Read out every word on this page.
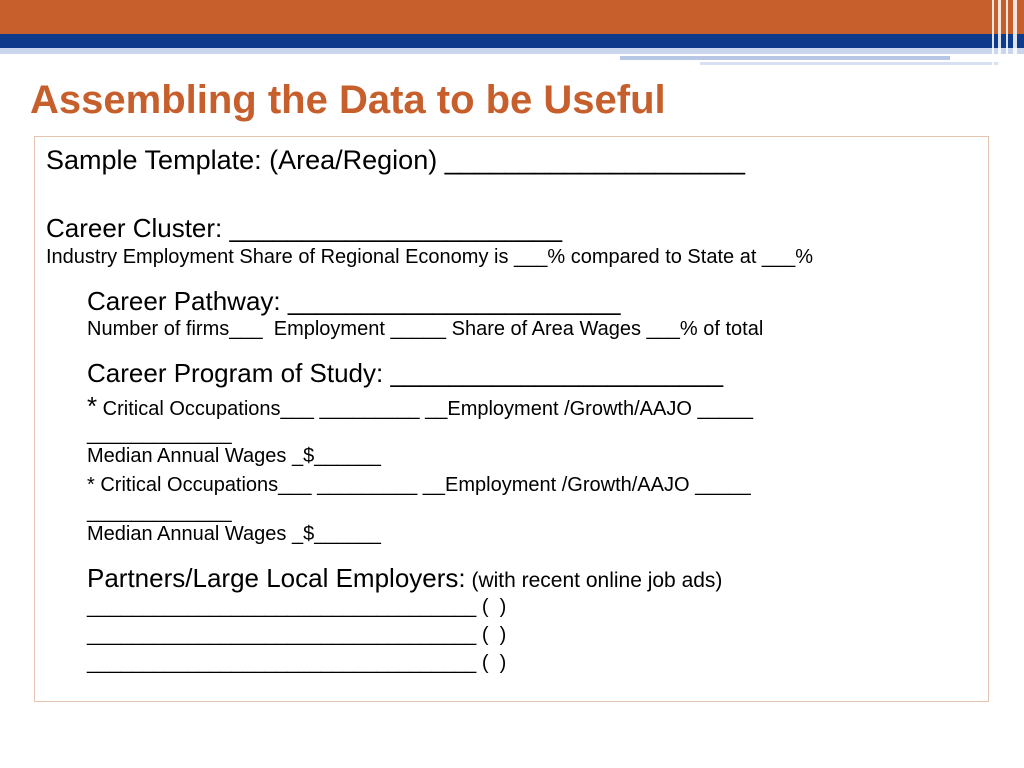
Assembling the Data to be Useful

Sample Template: (Area/Region) ____________________

Career Cluster: _______________________

Industry Employment Share of Regional Economy is ___% compared to State at ___%

Career Pathway: _______________________

Number of firms___  Employment _____ Share of Area Wages ___% of total

Career Program of Study: _______________________

* Critical Occupations___ _________ __Employment /Growth/AAJO _____

_____________

Median Annual Wages _$______

* Critical Occupations___ _________ __Employment /Growth/AAJO _____

_____________

Median Annual Wages _$______

Partners/Large Local Employers: (with recent online job ads)

___________________________________ (  )

___________________________________ (  )

___________________________________ (  )
